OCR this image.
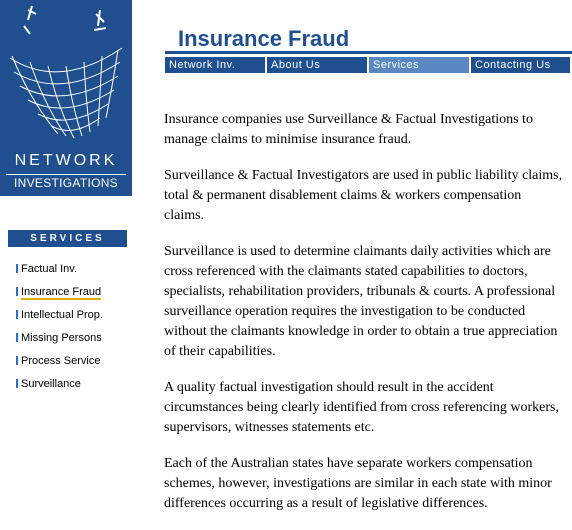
NETWORK
INVESTIGATIONS
Insurance Fraud
Network Inv.	About Us	Services	Contacting Us
SERVICES
Factual Inv.
Insurance Fraud
Intellectual Prop.
Missing Persons
Process Service
Surveillance

Insurance companies use Surveillance & Factual Investigations to manage claims to minimise insurance fraud.

Surveillance & Factual Investigators are used in public liability claims, total & permanent disablement claims & workers compensation claims.

Surveillance is used to determine claimants daily activities which are cross referenced with the claimants stated capabilities to doctors, specialists, rehabilitation providers, tribunals & courts. A professional surveillance operation requires the investigation to be conducted without the claimants knowledge in order to obtain a true appreciation of their capabilities.

A quality factual investigation should result in the accident circumstances being clearly identified from cross referencing workers, supervisors, witnesses statements etc.

Each of the Australian states have separate workers compensation schemes, however, investigations are similar in each state with minor differences occurring as a result of legislative differences.
